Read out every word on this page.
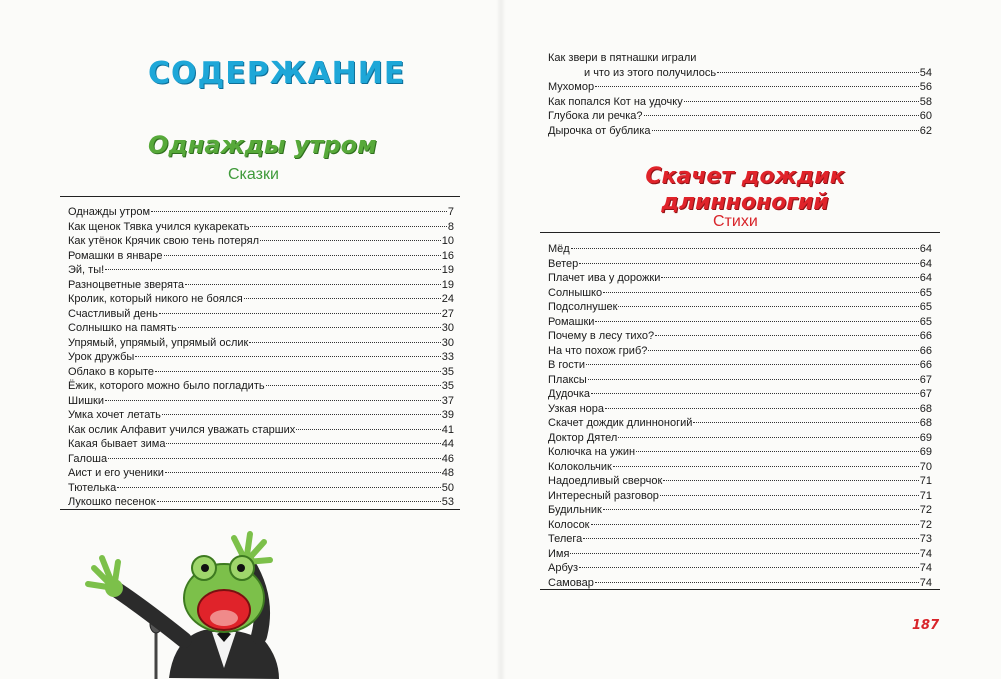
СОДЕРЖАНИЕ
Однажды утром
Сказки
Однажды утром	7
Как щенок Тявка учился кукарекать	8
Как утёнок Крячик свою тень потерял	10
Ромашки в январе	16
Эй, ты!	19
Разноцветные зверята	19
Кролик, который никого не боялся	24
Счастливый день	27
Солнышко на память	30
Упрямый, упрямый, упрямый ослик	30
Урок дружбы	33
Облако в корыте	35
Ёжик, которого можно было погладить	35
Шишки	37
Умка хочет летать	39
Как ослик Алфавит учился уважать старших	41
Какая бывает зима	44
Галоша	46
Аист и его ученики	48
Тютелька	50
Лукошко песенок	53
Как звери в пятнашки играли
и что из этого получилось	54
Мухомор	56
Как попался Кот на удочку	58
Глубока ли речка?	60
Дырочка от бублика	62
Скачет дождик
длинноногий
Стихи
Мёд	64
Ветер	64
Плачет ива у дорожки	64
Солнышко	65
Подсолнушек	65
Ромашки	65
Почему в лесу тихо?	66
На что похож гриб?	66
В гости	66
Плаксы	67
Дудочка	67
Узкая нора	68
Скачет дождик длинноногий	68
Доктор Дятел	69
Колючка на ужин	69
Колокольчик	70
Надоедливый сверчок	71
Интересный разговор	71
Будильник	72
Колосок	72
Телега	73
Имя	74
Арбуз	74
Самовар	74
187
